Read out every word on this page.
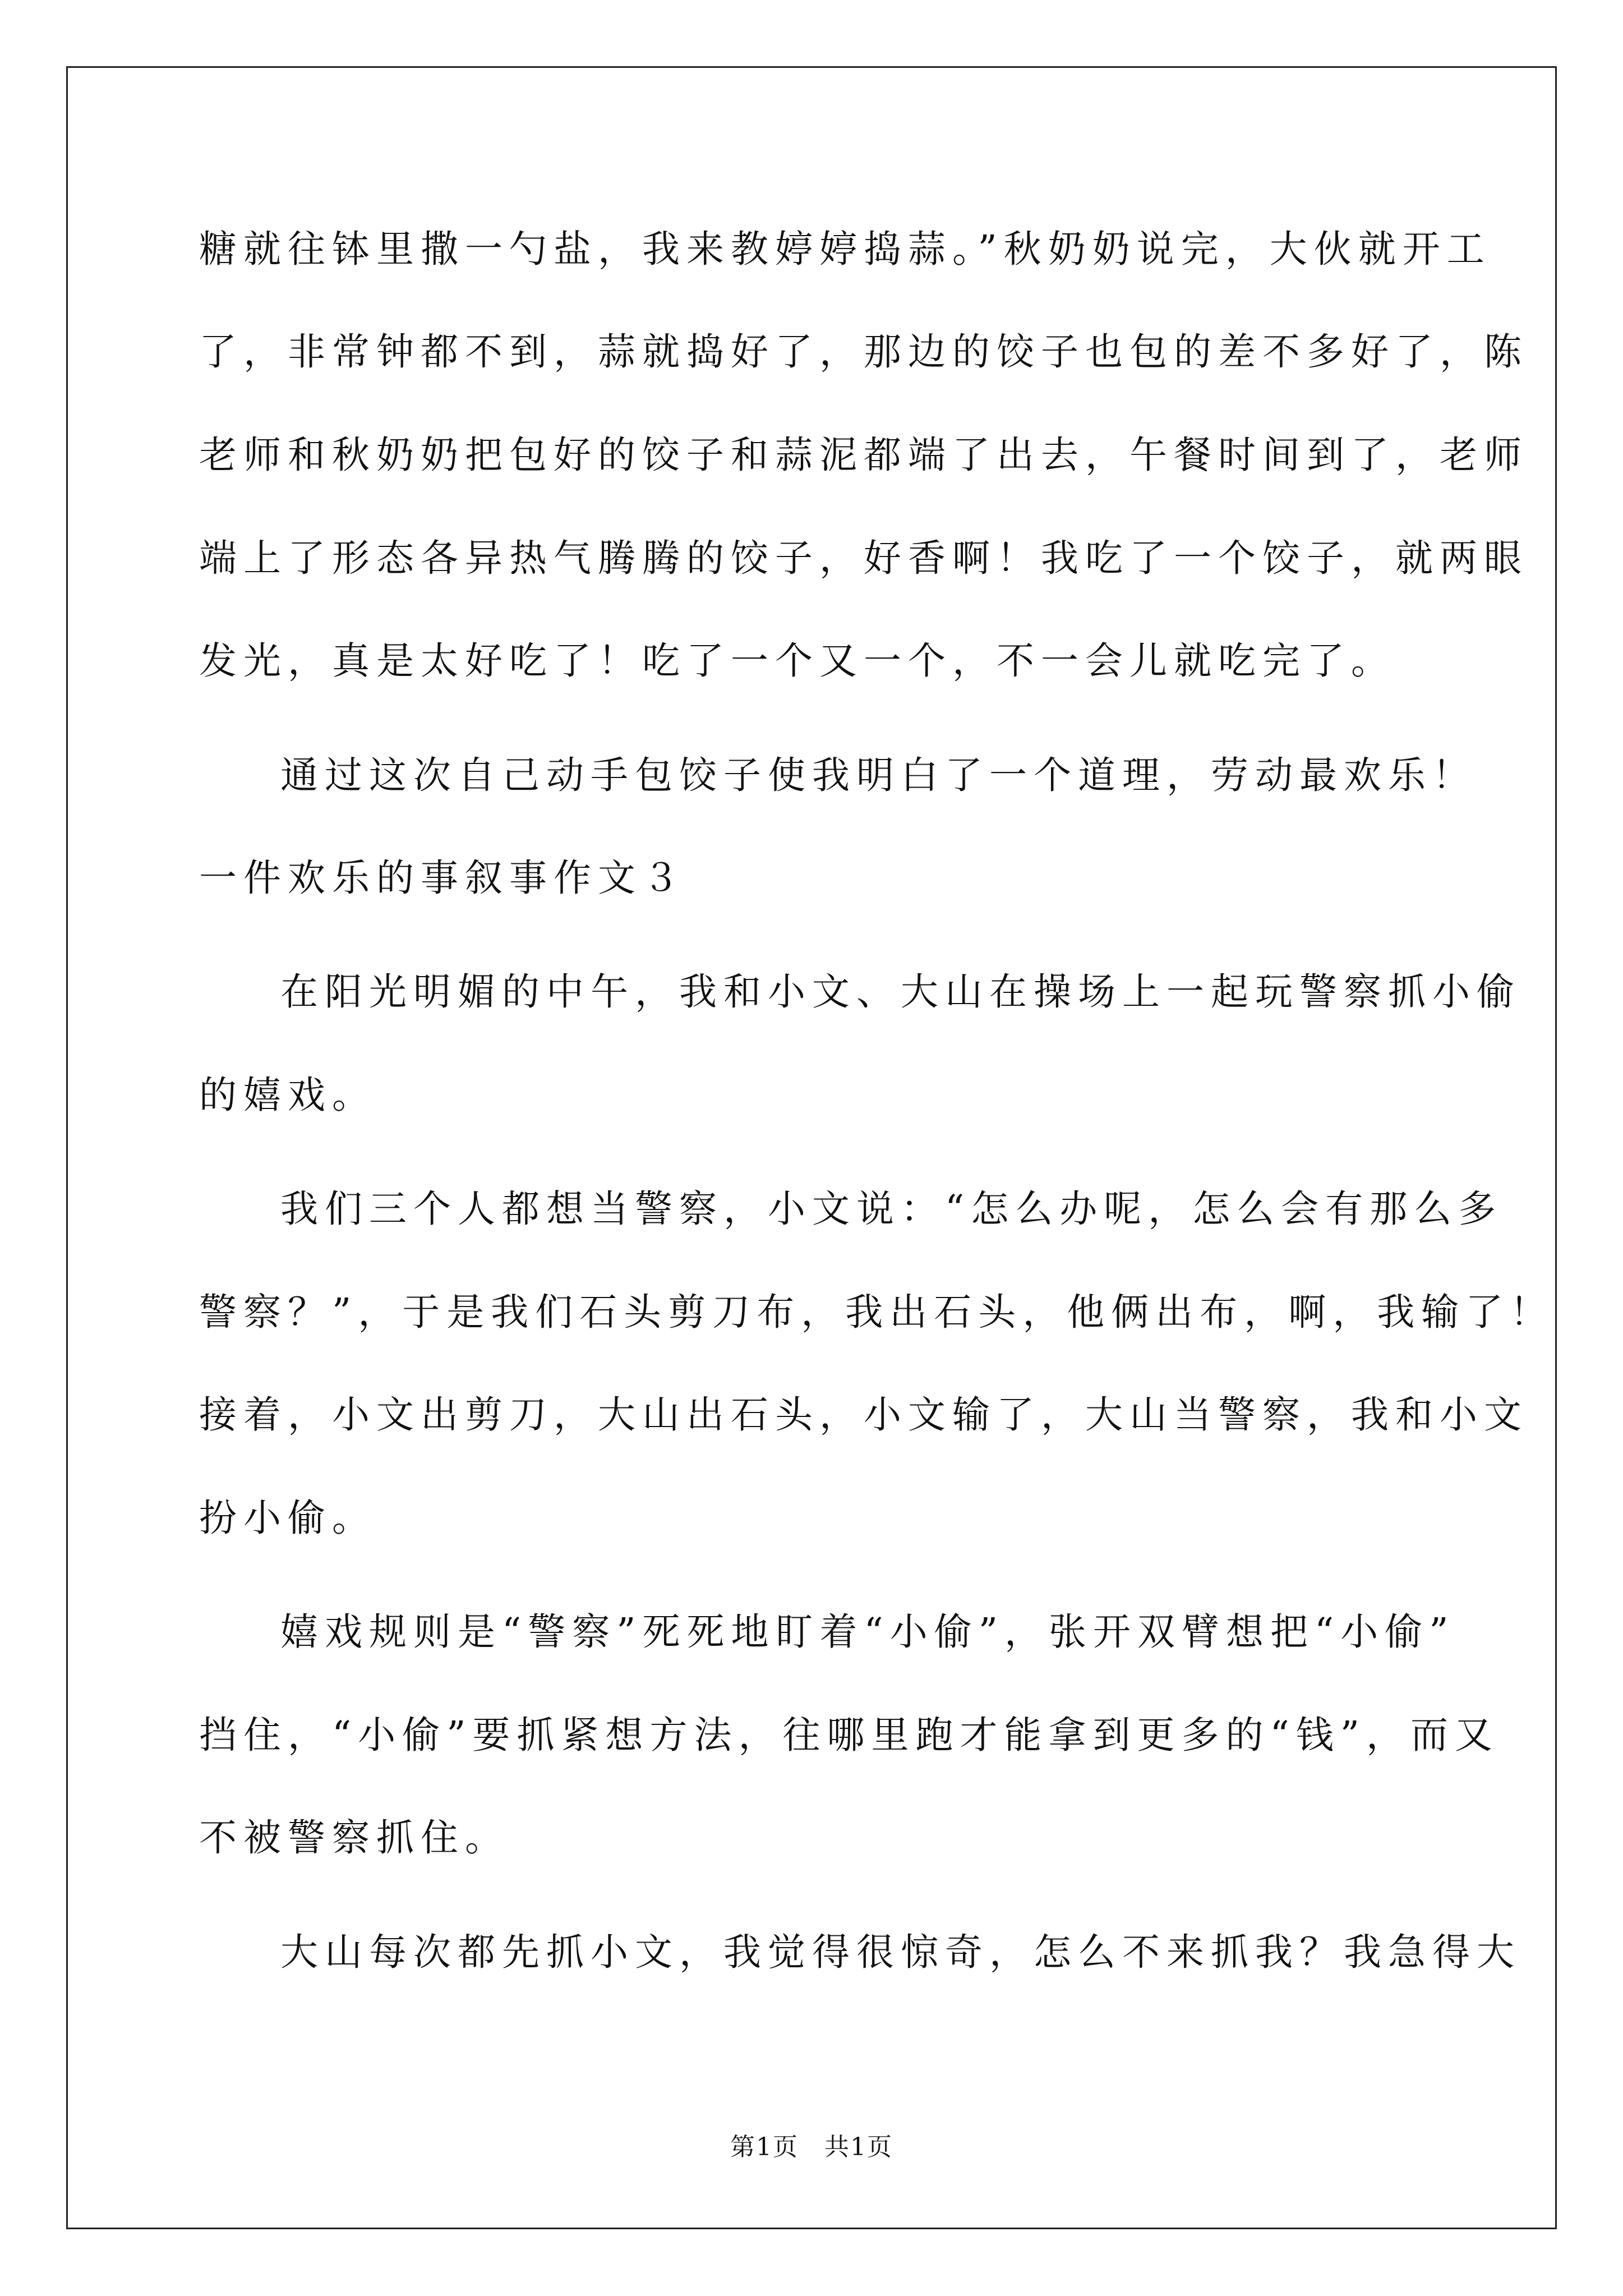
糖就往钵里撒一勺盐，我来教婷婷捣蒜。”秋奶奶说完，大伙就开工
了，非常钟都不到，蒜就捣好了，那边的饺子也包的差不多好了，陈
老师和秋奶奶把包好的饺子和蒜泥都端了出去，午餐时间到了，老师
端上了形态各异热气腾腾的饺子，好香啊！我吃了一个饺子，就两眼
发光，真是太好吃了！吃了一个又一个，不一会儿就吃完了。
通过这次自己动手包饺子使我明白了一个道理，劳动最欢乐！
一件欢乐的事叙事作文３
在阳光明媚的中午，我和小文、大山在操场上一起玩警察抓小偷
的嬉戏。
我们三个人都想当警察，小文说：“怎么办呢，怎么会有那么多
警察？”，于是我们石头剪刀布，我出石头，他俩出布，啊，我输了！
接着，小文出剪刀，大山出石头，小文输了，大山当警察，我和小文
扮小偷。
嬉戏规则是“警察”死死地盯着“小偷”，张开双臂想把“小偷”
挡住，“小偷”要抓紧想方法，往哪里跑才能拿到更多的“钱”，而又
不被警察抓住。
大山每次都先抓小文，我觉得很惊奇，怎么不来抓我？我急得大
第1页　共1页
